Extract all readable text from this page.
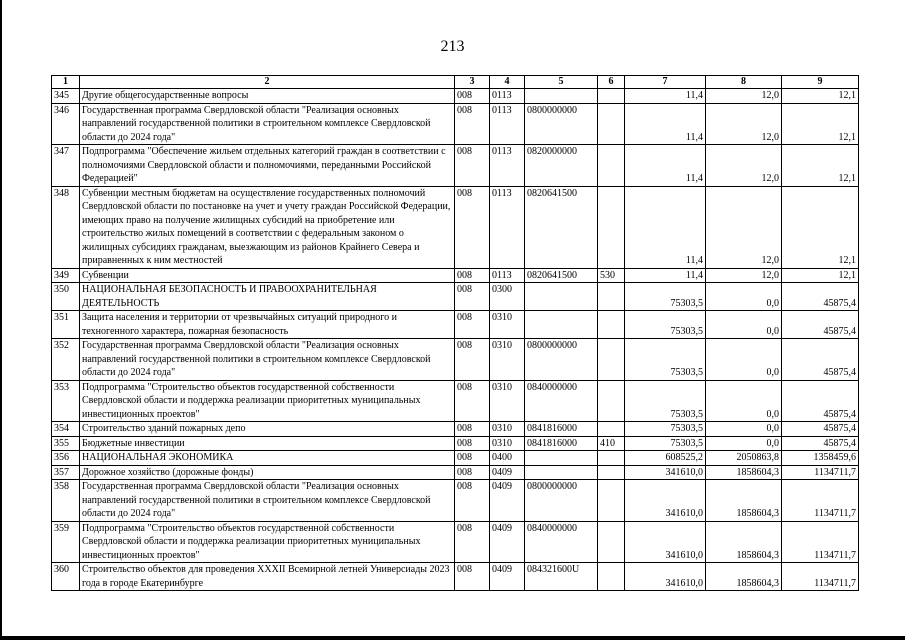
213
1	2	3	4	5	6	7	8	9
345	Другие общегосударственные вопросы	008	0113			11,4	12,0	12,1
346	Государственная программа Свердловской области "Реализация основных направлений государственной политики в строительном комплексе Свердловской области до 2024 года"	008	0113	0800000000		11,4	12,0	12,1
347	Подпрограмма "Обеспечение жильем отдельных категорий граждан в соответствии с полномочиями Свердловской области и полномочиями, переданными Российской Федерацией"	008	0113	0820000000		11,4	12,0	12,1
348	Субвенции местным бюджетам на осуществление государственных полномочий Свердловской области по постановке на учет и учету граждан Российской Федерации, имеющих право на получение жилищных субсидий на приобретение или строительство жилых помещений в соответствии с федеральным законом о жилищных субсидиях гражданам, выезжающим из районов Крайнего Севера и приравненных к ним местностей	008	0113	0820641500		11,4	12,0	12,1
349	Субвенции	008	0113	0820641500	530	11,4	12,0	12,1
350	НАЦИОНАЛЬНАЯ БЕЗОПАСНОСТЬ И ПРАВООХРАНИТЕЛЬНАЯ ДЕЯТЕЛЬНОСТЬ	008	0300			75303,5	0,0	45875,4
351	Защита населения и территории от чрезвычайных ситуаций природного и техногенного характера, пожарная безопасность	008	0310			75303,5	0,0	45875,4
352	Государственная программа Свердловской области "Реализация основных направлений государственной политики в строительном комплексе Свердловской области до 2024 года"	008	0310	0800000000		75303,5	0,0	45875,4
353	Подпрограмма "Строительство объектов государственной собственности Свердловской области и поддержка реализации приоритетных муниципальных инвестиционных проектов"	008	0310	0840000000		75303,5	0,0	45875,4
354	Строительство зданий пожарных депо	008	0310	0841816000		75303,5	0,0	45875,4
355	Бюджетные инвестиции	008	0310	0841816000	410	75303,5	0,0	45875,4
356	НАЦИОНАЛЬНАЯ ЭКОНОМИКА	008	0400			608525,2	2050863,8	1358459,6
357	Дорожное хозяйство (дорожные фонды)	008	0409			341610,0	1858604,3	1134711,7
358	Государственная программа Свердловской области "Реализация основных направлений государственной политики в строительном комплексе Свердловской области до 2024 года"	008	0409	0800000000		341610,0	1858604,3	1134711,7
359	Подпрограмма "Строительство объектов государственной собственности Свердловской области и поддержка реализации приоритетных муниципальных инвестиционных проектов"	008	0409	0840000000		341610,0	1858604,3	1134711,7
360	Строительство объектов для проведения XXXII Всемирной летней Универсиады 2023 года в городе Екатеринбурге	008	0409	084321600U		341610,0	1858604,3	1134711,7
